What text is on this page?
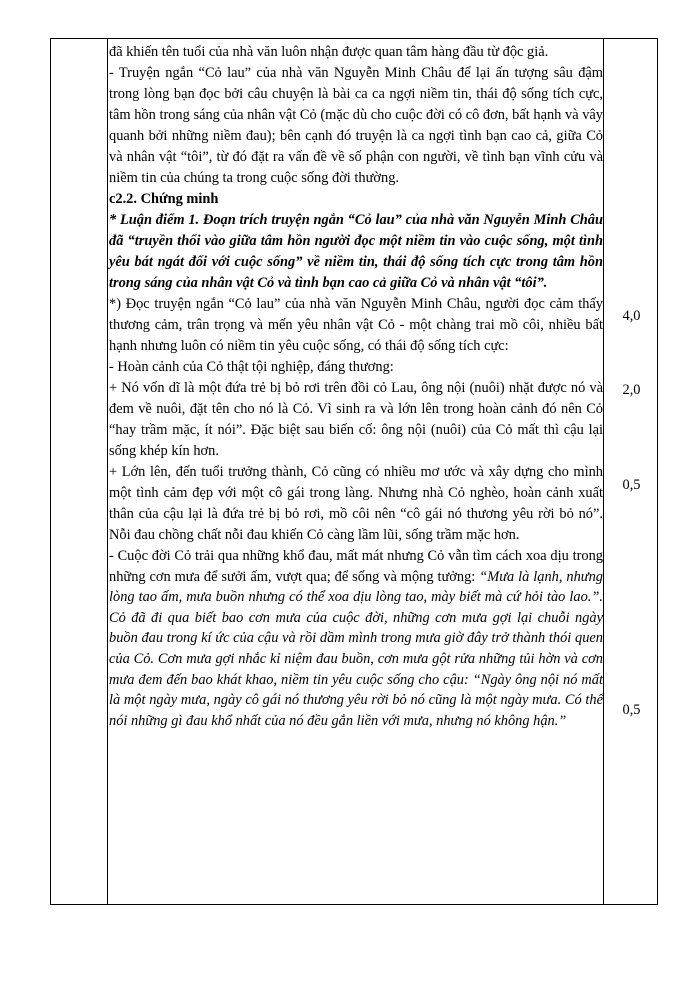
đã khiến tên tuổi của nhà văn luôn nhận được quan tâm hàng đầu từ độc giả.

- Truyện ngắn “Cỏ lau” của nhà văn Nguyễn Minh Châu để lại ấn tượng sâu đậm trong lòng bạn đọc bởi câu chuyện là bài ca ca ngợi niềm tin, thái độ sống tích cực, tâm hồn trong sáng của nhân vật Cỏ (mặc dù cho cuộc đời có cô đơn, bất hạnh và vây quanh bởi những niềm đau); bên cạnh đó truyện là ca ngợi tình bạn cao cả, giữa Cỏ và nhân vật “tôi”, từ đó đặt ra vấn đề về số phận con người, về tình bạn vĩnh cửu và niềm tin của chúng ta trong cuộc sống đời thường.

c2.2. Chứng minh

* Luận điểm 1. Đoạn trích truyện ngắn “Cỏ lau” của nhà văn Nguyễn Minh Châu đã “truyền thổi vào giữa tâm hồn người đọc một niềm tin vào cuộc sống, một tình yêu bát ngát đối với cuộc sống” về niềm tin, thái độ sống tích cực trong tâm hồn trong sáng của nhân vật Cỏ và tình bạn cao cả giữa Cỏ và nhân vật “tôi”.

*) Đọc truyện ngắn “Cỏ lau” của nhà văn Nguyễn Minh Châu, người đọc cảm thấy thương cảm, trân trọng và mến yêu nhân vật Cỏ - một chàng trai mồ côi, nhiều bất hạnh nhưng luôn có niềm tin yêu cuộc sống, có thái độ sống tích cực:

- Hoàn cảnh của Cỏ thật tội nghiệp, đáng thương:

+ Nó vốn dĩ là một đứa trẻ bị bỏ rơi trên đồi cỏ Lau, ông nội (nuôi) nhặt được nó và đem về nuôi, đặt tên cho nó là Cỏ. Vì sinh ra và lớn lên trong hoàn cảnh đó nên Cỏ “hay trầm mặc, ít nói”. Đặc biệt sau biến cố: ông nội (nuôi) của Cỏ mất thì cậu lại sống khép kín hơn.

+ Lớn lên, đến tuổi trưởng thành, Cỏ cũng có nhiều mơ ước và xây dựng cho mình một tình cảm đẹp với một cô gái trong làng. Nhưng nhà Cỏ nghèo, hoàn cảnh xuất thân của cậu lại là đứa trẻ bị bỏ rơi, mồ côi nên “cô gái nó thương yêu rời bỏ nó”. Nỗi đau chồng chất nỗi đau khiến Cỏ càng lầm lũi, sống trầm mặc hơn.

- Cuộc đời Cỏ trải qua những khổ đau, mất mát nhưng Cỏ vẫn tìm cách xoa dịu trong những cơn mưa để sưởi ấm, vượt qua; để sống và mộng tưởng: “Mưa là lạnh, nhưng lòng tao ấm, mưa buồn nhưng có thể xoa dịu lòng tao, mày biết mà cứ hỏi tào lao.”. Cỏ đã đi qua biết bao cơn mưa của cuộc đời, những cơn mưa gợi lại chuỗi ngày buồn đau trong kí ức của cậu và rồi dầm mình trong mưa giờ đây trở thành thói quen của Cỏ. Cơn mưa gợi nhắc kỉ niệm đau buồn, cơn mưa gột rửa những tủi hờn và cơn mưa đem đến bao khát khao, niềm tin yêu cuộc sống cho cậu: “Ngày ông nội nó mất là một ngày mưa, ngày cô gái nó thương yêu rời bỏ nó cũng là một ngày mưa. Có thể nói những gì đau khổ nhất của nó đều gắn liền với mưa, nhưng nó không hận.”

4,0
2,0
0,5
0,5
